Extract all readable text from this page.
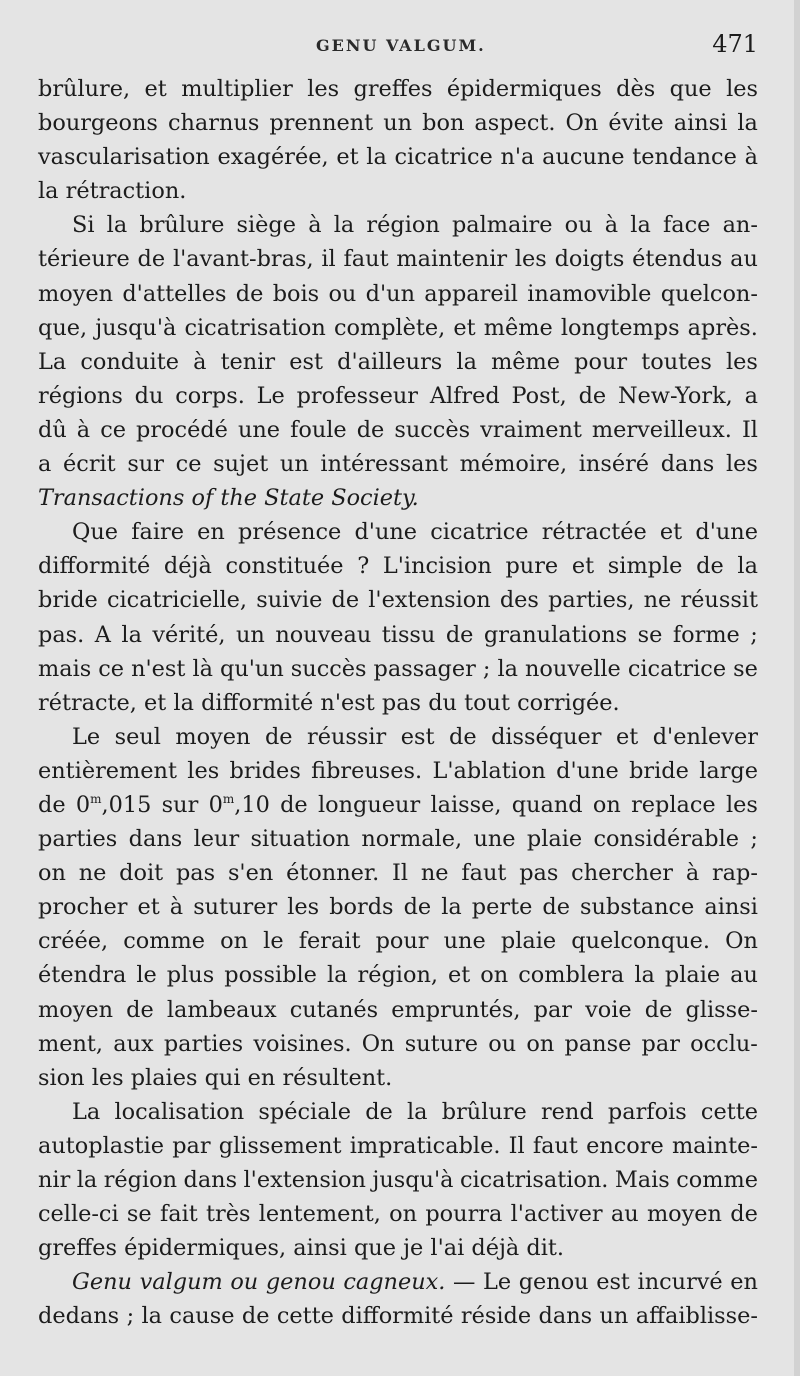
GENU VALGUM.	471
brûlure, et multiplier les greffes épidermiques dès que les
bourgeons charnus prennent un bon aspect. On évite ainsi la
vascularisation exagérée, et la cicatrice n'a aucune tendance à
la
rétraction.
Si la brûlure siège à la région palmaire ou à la face an-
térieure de l'avant-bras, il faut maintenir les doigts étendus au
moyen d'attelles de bois ou d'un appareil inamovible quelcon-
que, jusqu'à cicatrisation complète, et même longtemps après.
La conduite à tenir est d'ailleurs la même pour toutes les
régions du corps. Le professeur Alfred Post, de New-York, a
dû à ce procédé une foule de succès vraiment merveilleux. Il
a écrit sur ce sujet un intéressant mémoire, inséré dans les
Transactions
of
the
State
Society.
Que faire en présence d'une cicatrice rétractée et d'une
difformité déjà constituée ? L'incision pure et simple de la
bride cicatricielle, suivie de l'extension des parties, ne réussit
pas. A la vérité, un nouveau tissu de granulations se forme ;
mais ce n'est là qu'un succès passager ; la nouvelle cicatrice se
rétracte,
et
la
difformité
n'est
pas
du
tout
corrigée.
Le seul moyen de réussir est de disséquer et d'enlever
entièrement les brides fibreuses. L'ablation d'une bride large
de 0$^m$,015 sur 0$^m$,10 de longueur laisse, quand on replace les
parties dans leur situation normale, une plaie considérable ;
on ne doit pas s'en étonner. Il ne faut pas chercher à rap-
procher et à suturer les bords de la perte de substance ainsi
créée, comme on le ferait pour une plaie quelconque. On
étendra le plus possible la région, et on comblera la plaie au
moyen de lambeaux cutanés empruntés, par voie de glisse-
ment, aux parties voisines. On suture ou on panse par occlu-
sion
les
plaies
qui
en
résultent.
La localisation spéciale de la brûlure rend parfois cette
autoplastie par glissement impraticable. Il faut encore mainte-
nir la région dans l'extension jusqu'à cicatrisation. Mais comme
celle-ci se fait très lentement, on pourra l'activer au moyen de
greffes
épidermiques,
ainsi
que
je
l'ai
déjà
dit.
Genu valgum ou genou cagneux. — Le genou est incurvé en
dedans ; la cause de cette difformité réside dans un affaiblisse-
